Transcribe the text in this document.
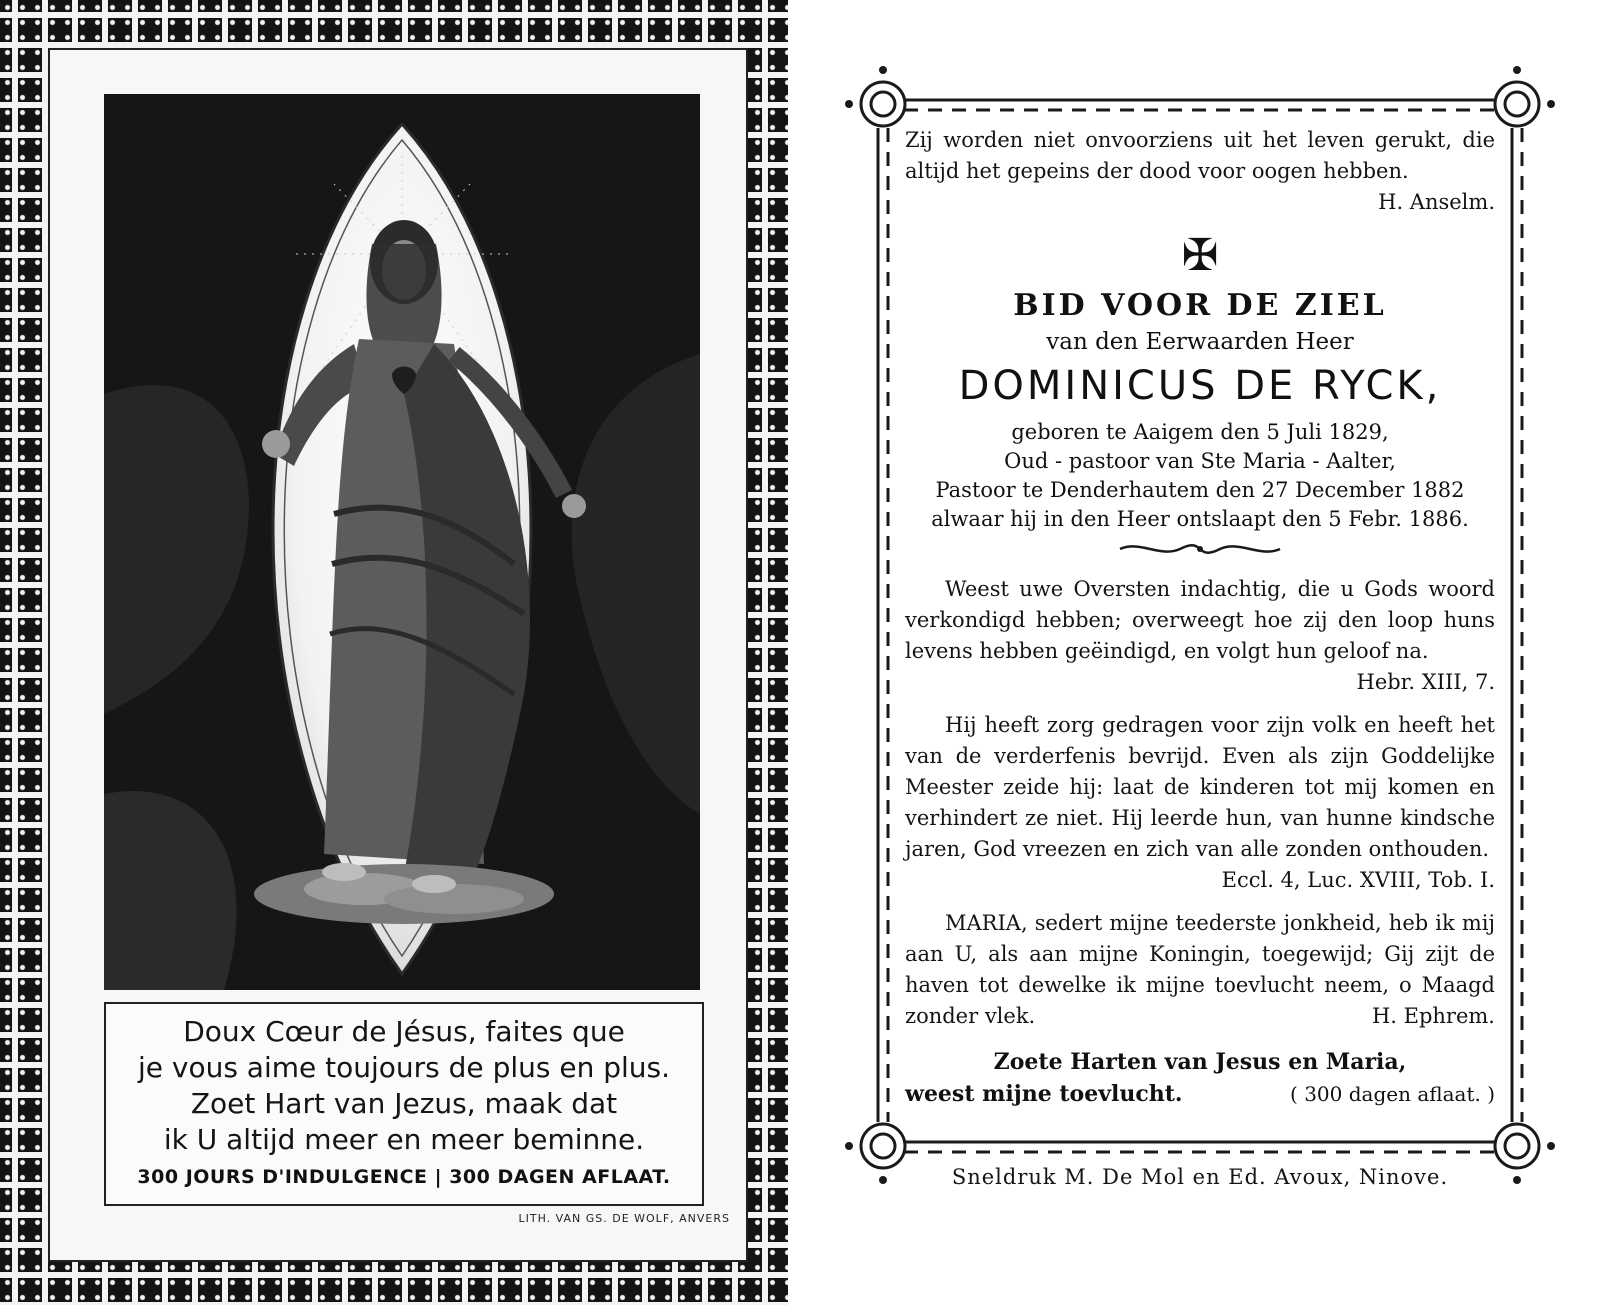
Doux Cœur de Jésus, faites que
je vous aime toujours de plus en plus.
Zoet Hart van Jezus, maak dat
ik U altijd meer en meer beminne.
300 JOURS D'INDULGENCE | 300 DAGEN AFLAAT.
LITH. VAN GS. DE WOLF, ANVERS
Zij worden niet onvoorziens uit het leven gerukt, die altijd het gepeins der dood voor oogen hebben.
H. Anselm.
✠
BID VOOR DE ZIEL
van den Eerwaarden Heer
DOMINICUS DE RYCK,
geboren te Aaigem den 5 Juli 1829,
Oud - pastoor van Ste Maria - Aalter,
Pastoor te Denderhautem den 27 December 1882
alwaar hij in den Heer ontslaapt den 5 Febr. 1886.
Weest uwe Oversten indachtig, die u Gods woord verkondigd hebben; overweegt hoe zij den loop huns levens hebben geëindigd, en volgt hun geloof na.
Hebr. XIII, 7.
Hij heeft zorg gedragen voor zijn volk en heeft het van de verderfenis bevrijd. Even als zijn Goddelijke Meester zeide hij: laat de kinderen tot mij komen en verhindert ze niet. Hij leerde hun, van hunne kindsche jaren, God vreezen en zich van alle zonden onthouden.
Eccl. 4, Luc. XVIII, Tob. I.
MARIA, sedert mijne teederste jonkheid, heb ik mij aan U, als aan mijne Koningin, toegewijd; Gij zijt de haven tot dewelke ik mijne toevlucht neem, o Maagd zonder vlek.	H. Ephrem.
Zoete Harten van Jesus en Maria,
weest mijne toevlucht.	( 300 dagen aflaat. )
Sneldruk M. De Mol en Ed. Avoux, Ninove.
